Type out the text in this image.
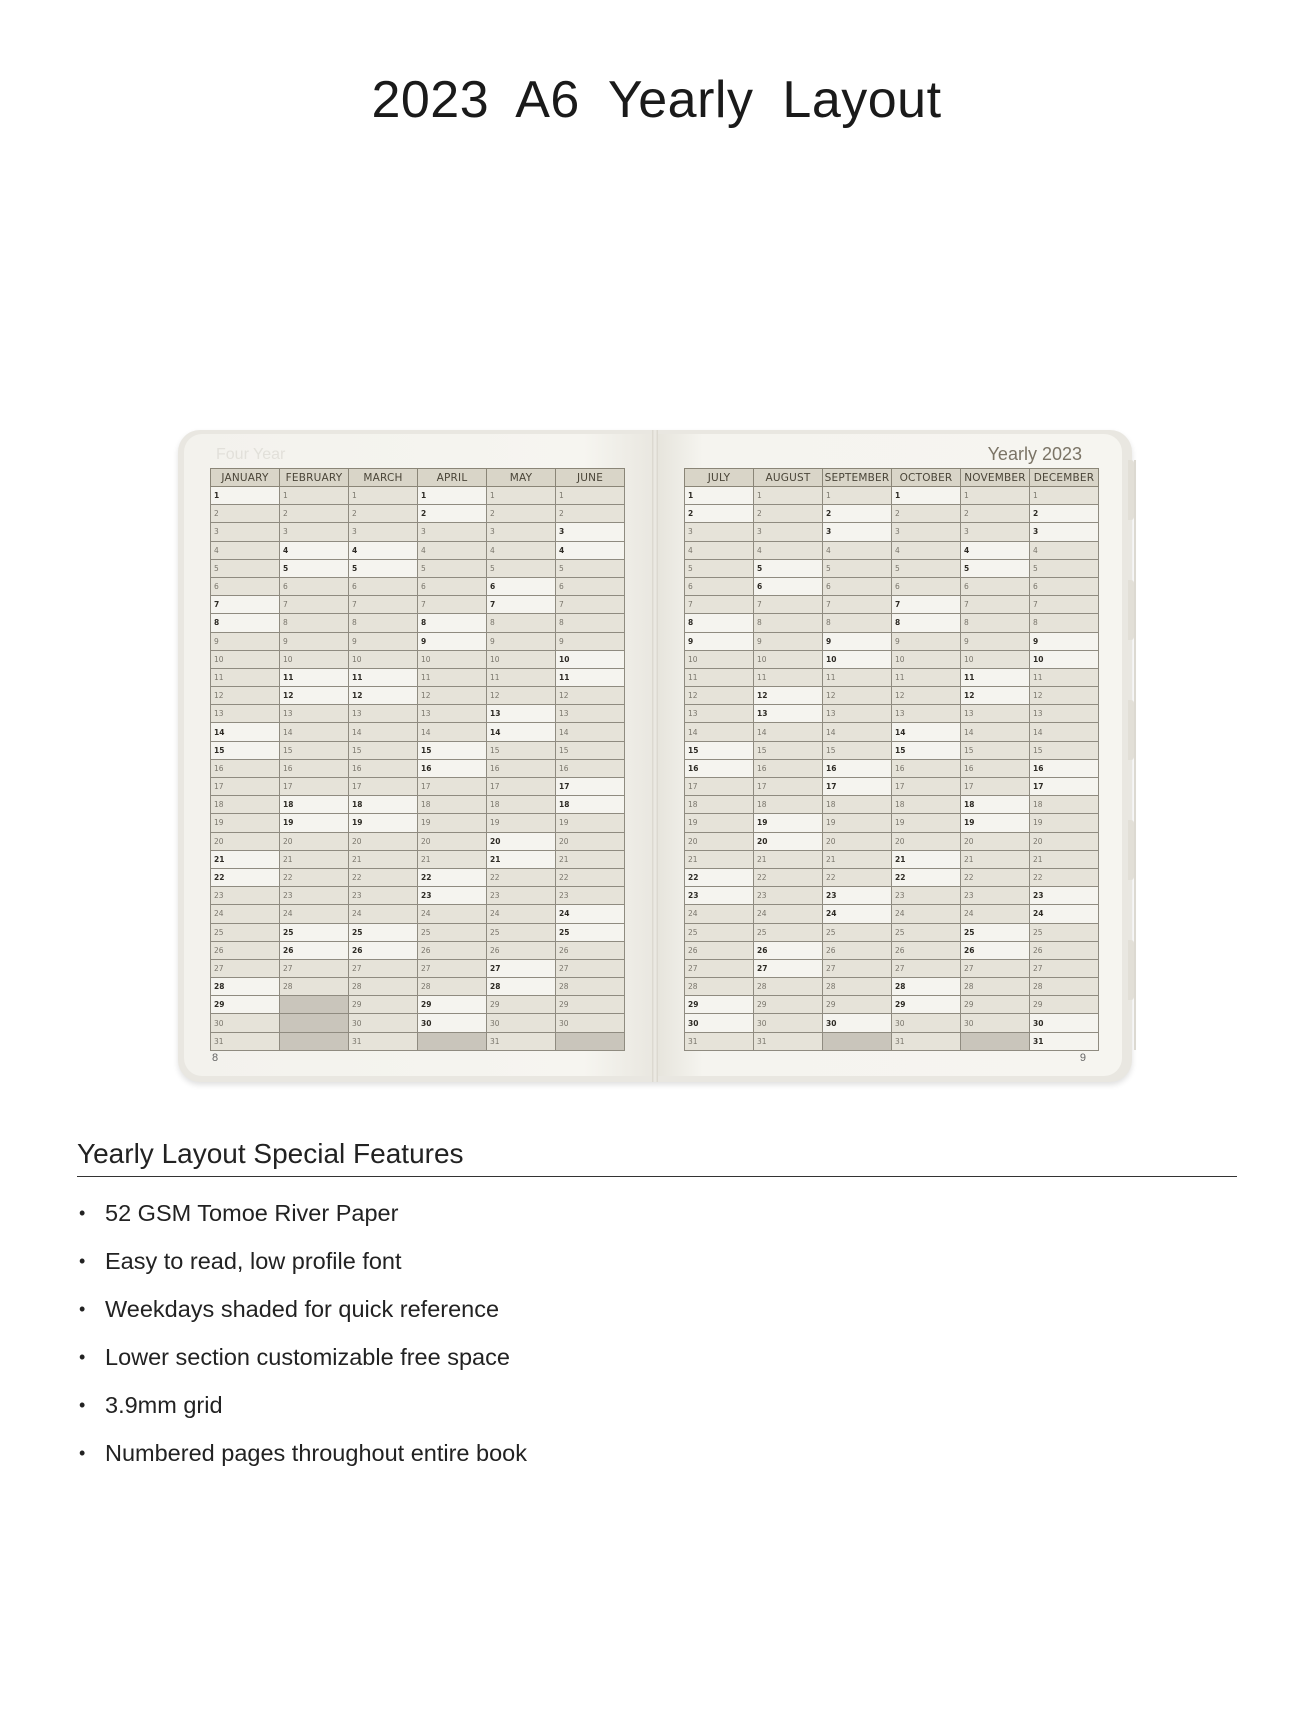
2023 A6 Yearly Layout
Four Year
JANUARY	FEBRUARY	MARCH	APRIL	MAY	JUNE
1	1	1	1	1	1
2	2	2	2	2	2
3	3	3	3	3	3
4	4	4	4	4	4
5	5	5	5	5	5
6	6	6	6	6	6
7	7	7	7	7	7
8	8	8	8	8	8
9	9	9	9	9	9
10	10	10	10	10	10
11	11	11	11	11	11
12	12	12	12	12	12
13	13	13	13	13	13
14	14	14	14	14	14
15	15	15	15	15	15
16	16	16	16	16	16
17	17	17	17	17	17
18	18	18	18	18	18
19	19	19	19	19	19
20	20	20	20	20	20
21	21	21	21	21	21
22	22	22	22	22	22
23	23	23	23	23	23
24	24	24	24	24	24
25	25	25	25	25	25
26	26	26	26	26	26
27	27	27	27	27	27
28	28	28	28	28	28
29		29	29	29	29
30		30	30	30	30
31		31		31	
8
Yearly 2023
JULY	AUGUST	SEPTEMBER	OCTOBER	NOVEMBER	DECEMBER
1	1	1	1	1	1
2	2	2	2	2	2
3	3	3	3	3	3
4	4	4	4	4	4
5	5	5	5	5	5
6	6	6	6	6	6
7	7	7	7	7	7
8	8	8	8	8	8
9	9	9	9	9	9
10	10	10	10	10	10
11	11	11	11	11	11
12	12	12	12	12	12
13	13	13	13	13	13
14	14	14	14	14	14
15	15	15	15	15	15
16	16	16	16	16	16
17	17	17	17	17	17
18	18	18	18	18	18
19	19	19	19	19	19
20	20	20	20	20	20
21	21	21	21	21	21
22	22	22	22	22	22
23	23	23	23	23	23
24	24	24	24	24	24
25	25	25	25	25	25
26	26	26	26	26	26
27	27	27	27	27	27
28	28	28	28	28	28
29	29	29	29	29	29
30	30	30	30	30	30
31	31		31		31
9
Yearly Layout Special Features
• 52 GSM Tomoe River Paper
• Easy to read, low profile font
• Weekdays shaded for quick reference
• Lower section customizable free space
• 3.9mm grid
• Numbered pages throughout entire book
